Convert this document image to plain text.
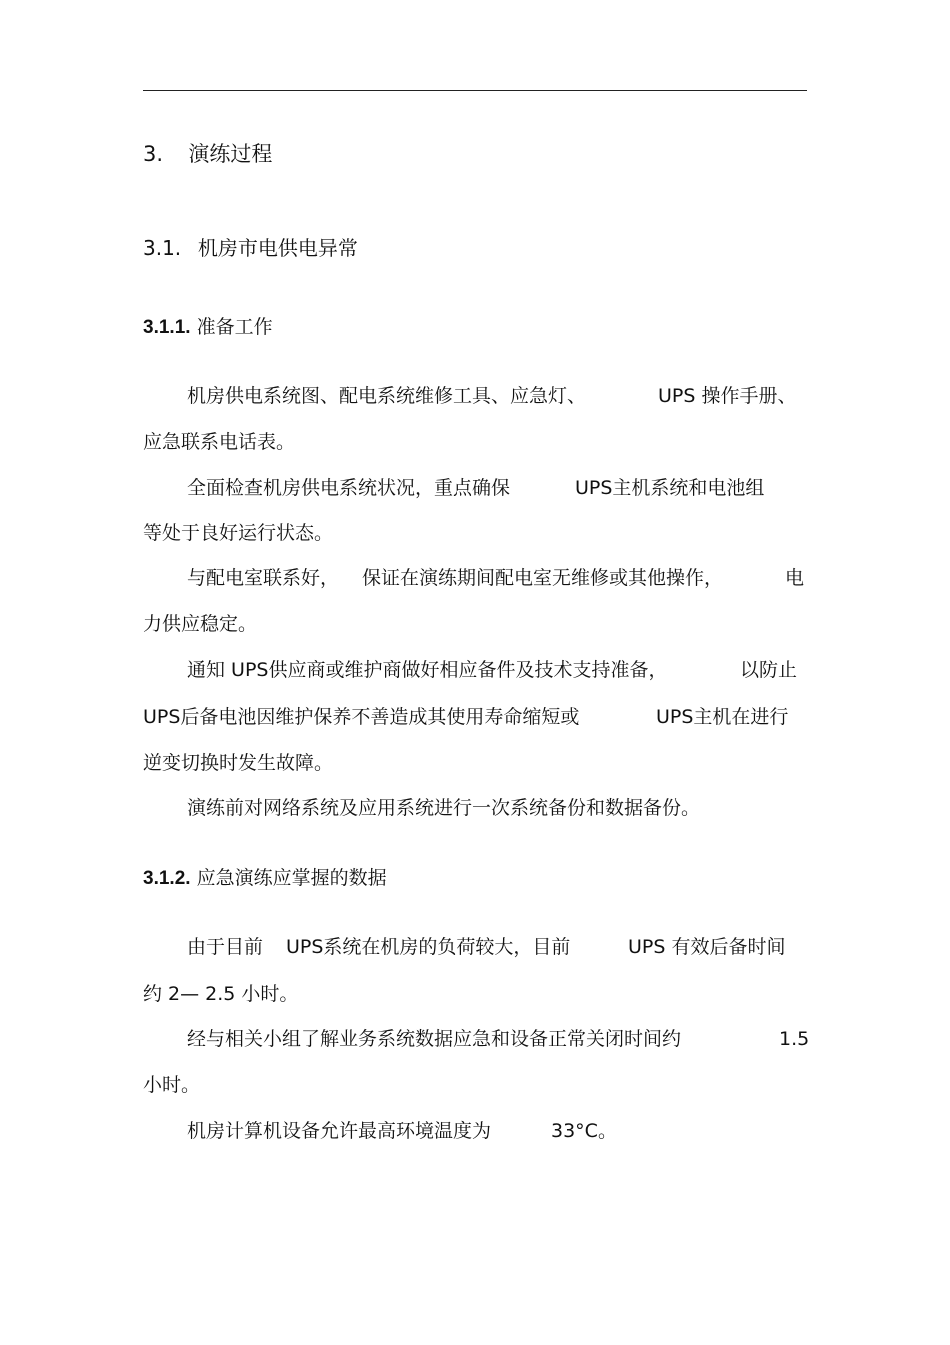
3. 演练过程
3.1. 机房市电供电异常
3.1.1. 准备工作
机房供电系统图、配电系统维修工具、应急灯、	UPS 操作手册、
应急联系电话表。
全面检查机房供电系统状况，重点确保	UPS主机系统和电池组
等处于良好运行状态。
与配电室联系好， 保证在演练期间配电室无维修或其他操作，	电
力供应稳定。
通知 UPS供应商或维护商做好相应备件及技术支持准备，	以防止
UPS后备电池因维护保养不善造成其使用寿命缩短或	UPS主机在进行
逆变切换时发生故障。
演练前对网络系统及应用系统进行一次系统备份和数据备份。
3.1.2. 应急演练应掌握的数据
由于目前 UPS系统在机房的负荷较大，目前	UPS 有效后备时间
约 2— 2.5 小时。
经与相关小组了解业务系统数据应急和设备正常关闭时间约	1.5
小时。
机房计算机设备允许最高环境温度为	33°C。
